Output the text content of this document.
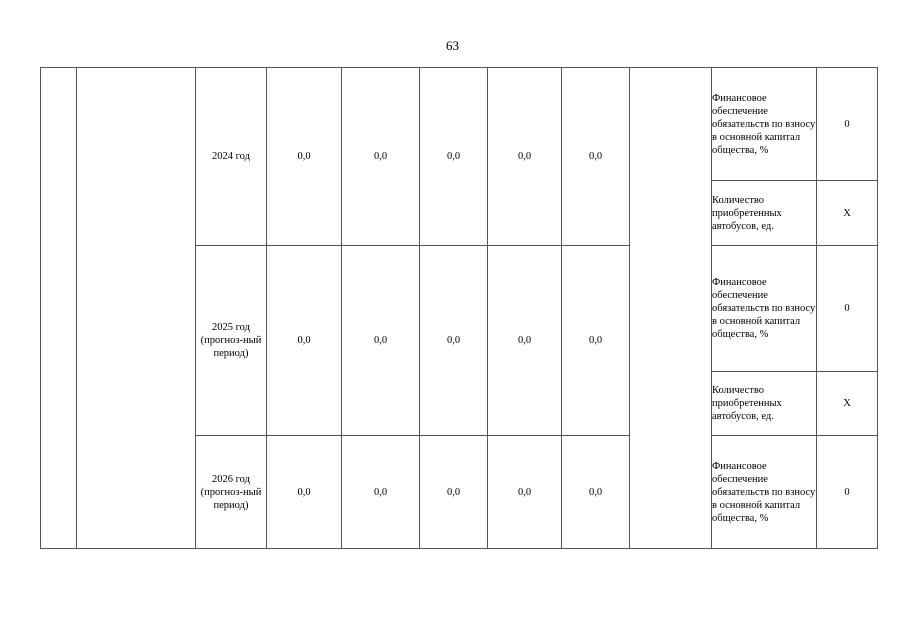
63
		2024 год	0,0	0,0	0,0	0,0	0,0		Финансовое обеспечение обязательств по взносу в основной капитал общества, %	0
									Количество приобретенных автобусов, ед.	Х
		2025 год (прогноз-ный период)	0,0	0,0	0,0	0,0	0,0		Финансовое обеспечение обязательств по взносу в основной капитал общества, %	0
									Количество приобретенных автобусов, ед.	Х
		2026 год (прогноз-ный период)	0,0	0,0	0,0	0,0	0,0		Финансовое обеспечение обязательств по взносу в основной капитал общества, %	0
